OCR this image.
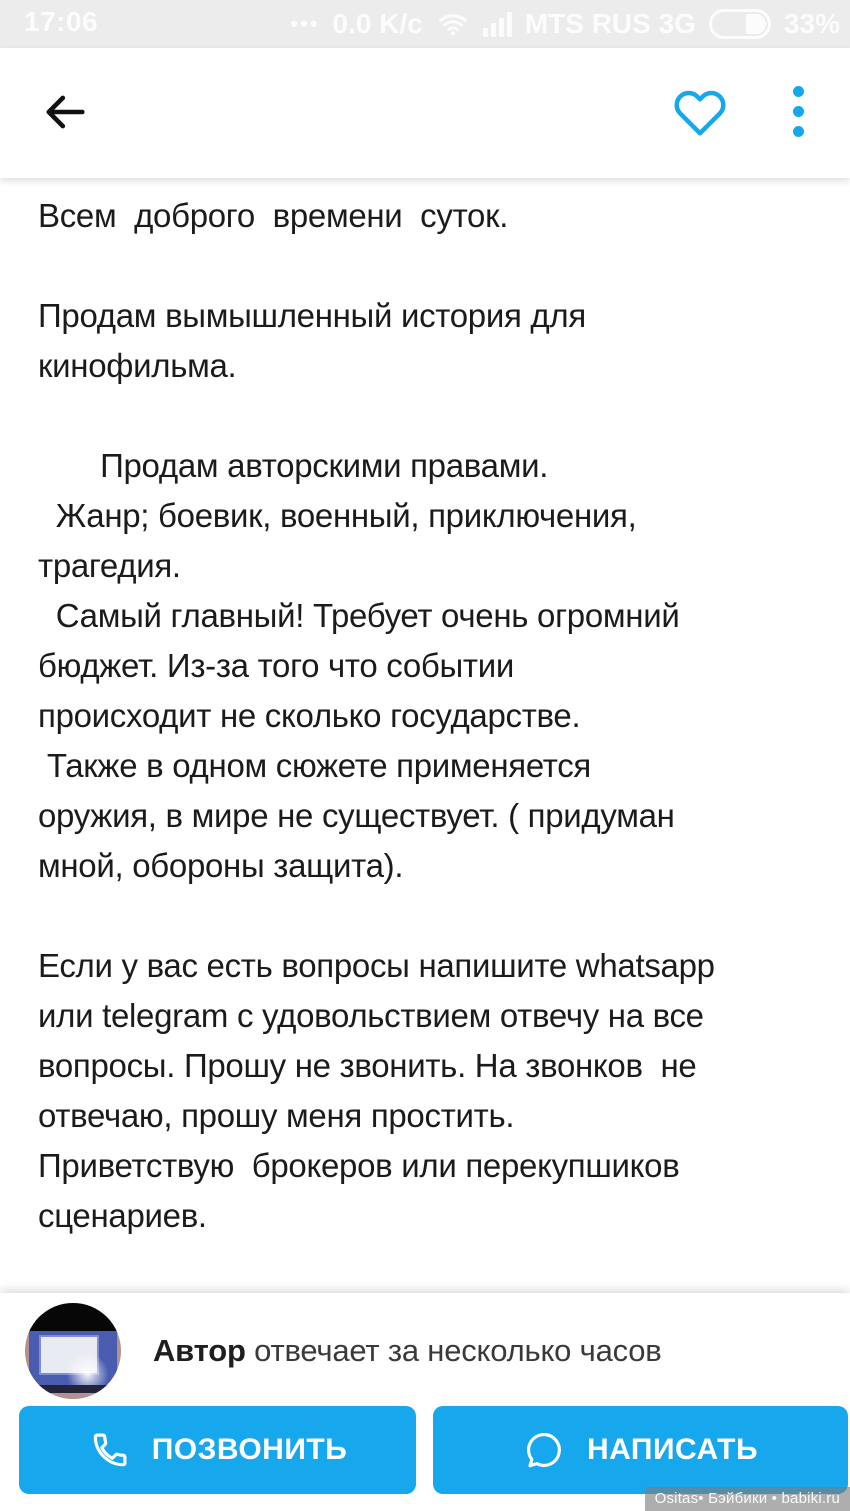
17:06	••• 0.0 K/c	MTS RUS 3G	33%
Всем  доброго  времени  суток.

Продам вымышленный история для
кинофильма.

Продам авторскими правами.
Жанр; боевик, военный, приключения,
трагедия.
Самый главный! Требует очень огромний
бюджет. Из-за того что событии
происходит не сколько государстве.
Также в одном сюжете применяется
оружия, в мире не существует. ( придуман
мной, обороны защита).

Если у вас есть вопросы напишите whatsapp
или telegram с удовольствием отвечу на все
вопросы. Прошу не звонить. На звонков  не
отвечаю, прошу меня простить.
Приветствую  брокеров или перекупшиков
сценариев.
Автор отвечает за несколько часов
ПОЗВОНИТЬ	НАПИСАТЬ
Ositas• Бэйбики • babiki.ru
